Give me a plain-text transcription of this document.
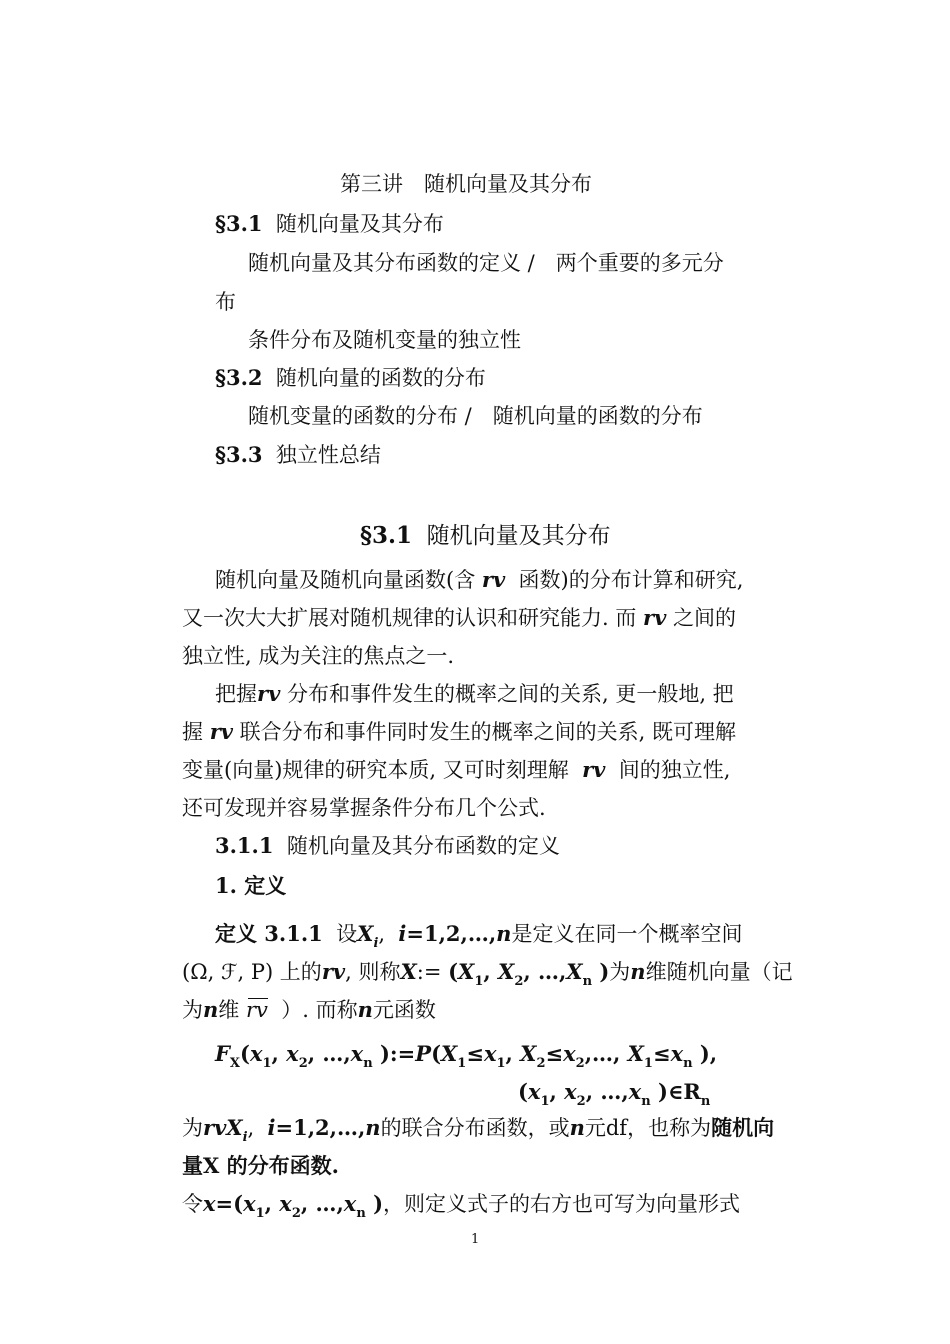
第三讲　随机向量及其分布
§3.1 随机向量及其分布
随机向量及其分布函数的定义 /　两个重要的多元分
布
条件分布及随机变量的独立性
§3.2 随机向量的函数的分布
随机变量的函数的分布 /　随机向量的函数的分布
§3.3 独立性总结
§3.1 随机向量及其分布
随机向量及随机向量函数(含 rv 函数)的分布计算和研究,
又一次大大扩展对随机规律的认识和研究能力. 而 rv 之间的
独立性, 成为关注的焦点之一.
把握rv 分布和事件发生的概率之间的关系, 更一般地, 把
握 rv 联合分布和事件同时发生的概率之间的关系, 既可理解
变量(向量)规律的研究本质, 又可时刻理解 rv 间的独立性,
还可发现并容易掌握条件分布几个公式.
3.1.1 随机向量及其分布函数的定义
1. 定义
定义 3.1.1 设$X_i$,  i=1,2,…,n是定义在同一个概率空间
(Ω, ℱ, P) 上的rv, 则称X:= ($X_1$, $X_2$, $\dots,X_n$ )为n维随机向量（记
为n维 rv ）. 而称n元函数
$F_X(x_1$, $x_2$, $\dots,x_n$ )$:=P(X_1\le x_1$, $X_2\le x_2,\dots$, $X_1\le x_n$ ),
($x_1$, $x_2$, $\dots,x_n$ )$\in R_n$
为rvX$_i$,  i=1,2,…,n的联合分布函数，或n元df，也称为随机向
量X 的分布函数.
令$x=(x_1$, $x_2$, $\dots,x_n$ )，则定义式子的右方也可写为向量形式
1
